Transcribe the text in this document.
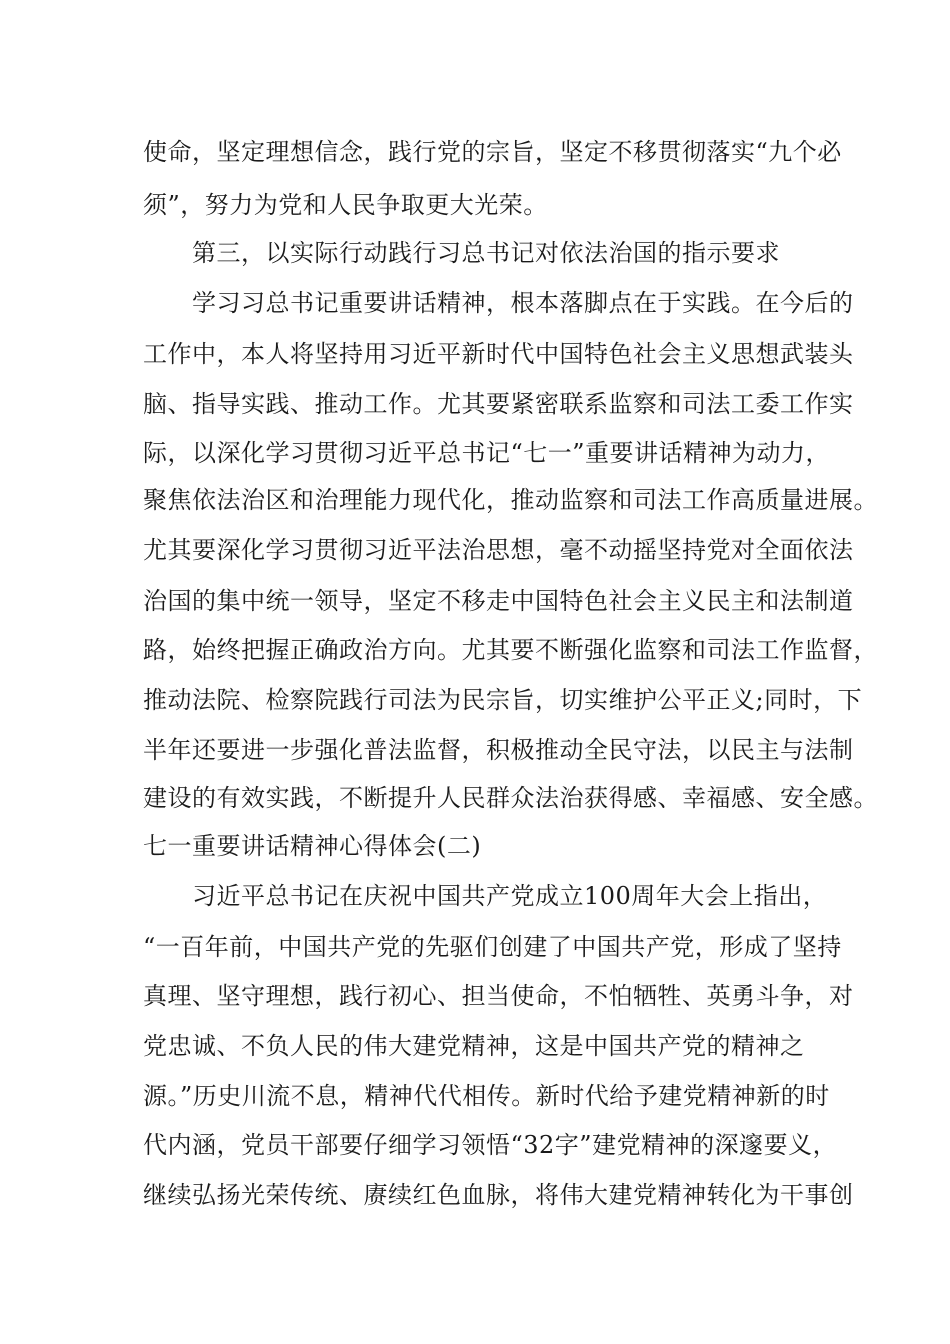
使命，坚定理想信念，践行党的宗旨，坚定不移贯彻落实“九个必
须”，努力为党和人民争取更大光荣。
第三，以实际行动践行习总书记对依法治国的指示要求
学习习总书记重要讲话精神，根本落脚点在于实践。在今后的
工作中，本人将坚持用习近平新时代中国特色社会主义思想武装头
脑、指导实践、推动工作。尤其要紧密联系监察和司法工委工作实
际，以深化学习贯彻习近平总书记“七一”重要讲话精神为动力，
聚焦依法治区和治理能力现代化，推动监察和司法工作高质量进展。
尤其要深化学习贯彻习近平法治思想，毫不动摇坚持党对全面依法
治国的集中统一领导，坚定不移走中国特色社会主义民主和法制道
路，始终把握正确政治方向。尤其要不断强化监察和司法工作监督，
推动法院、检察院践行司法为民宗旨，切实维护公平正义;同时，下
半年还要进一步强化普法监督，积极推动全民守法，以民主与法制
建设的有效实践，不断提升人民群众法治获得感、幸福感、安全感。
七一重要讲话精神心得体会(二)
习近平总书记在庆祝中国共产党成立100周年大会上指出，
“一百年前，中国共产党的先驱们创建了中国共产党，形成了坚持
真理、坚守理想，践行初心、担当使命，不怕牺牲、英勇斗争，对
党忠诚、不负人民的伟大建党精神，这是中国共产党的精神之
源。”历史川流不息，精神代代相传。新时代给予建党精神新的时
代内涵，党员干部要仔细学习领悟“32字”建党精神的深邃要义，
继续弘扬光荣传统、赓续红色血脉，将伟大建党精神转化为干事创
